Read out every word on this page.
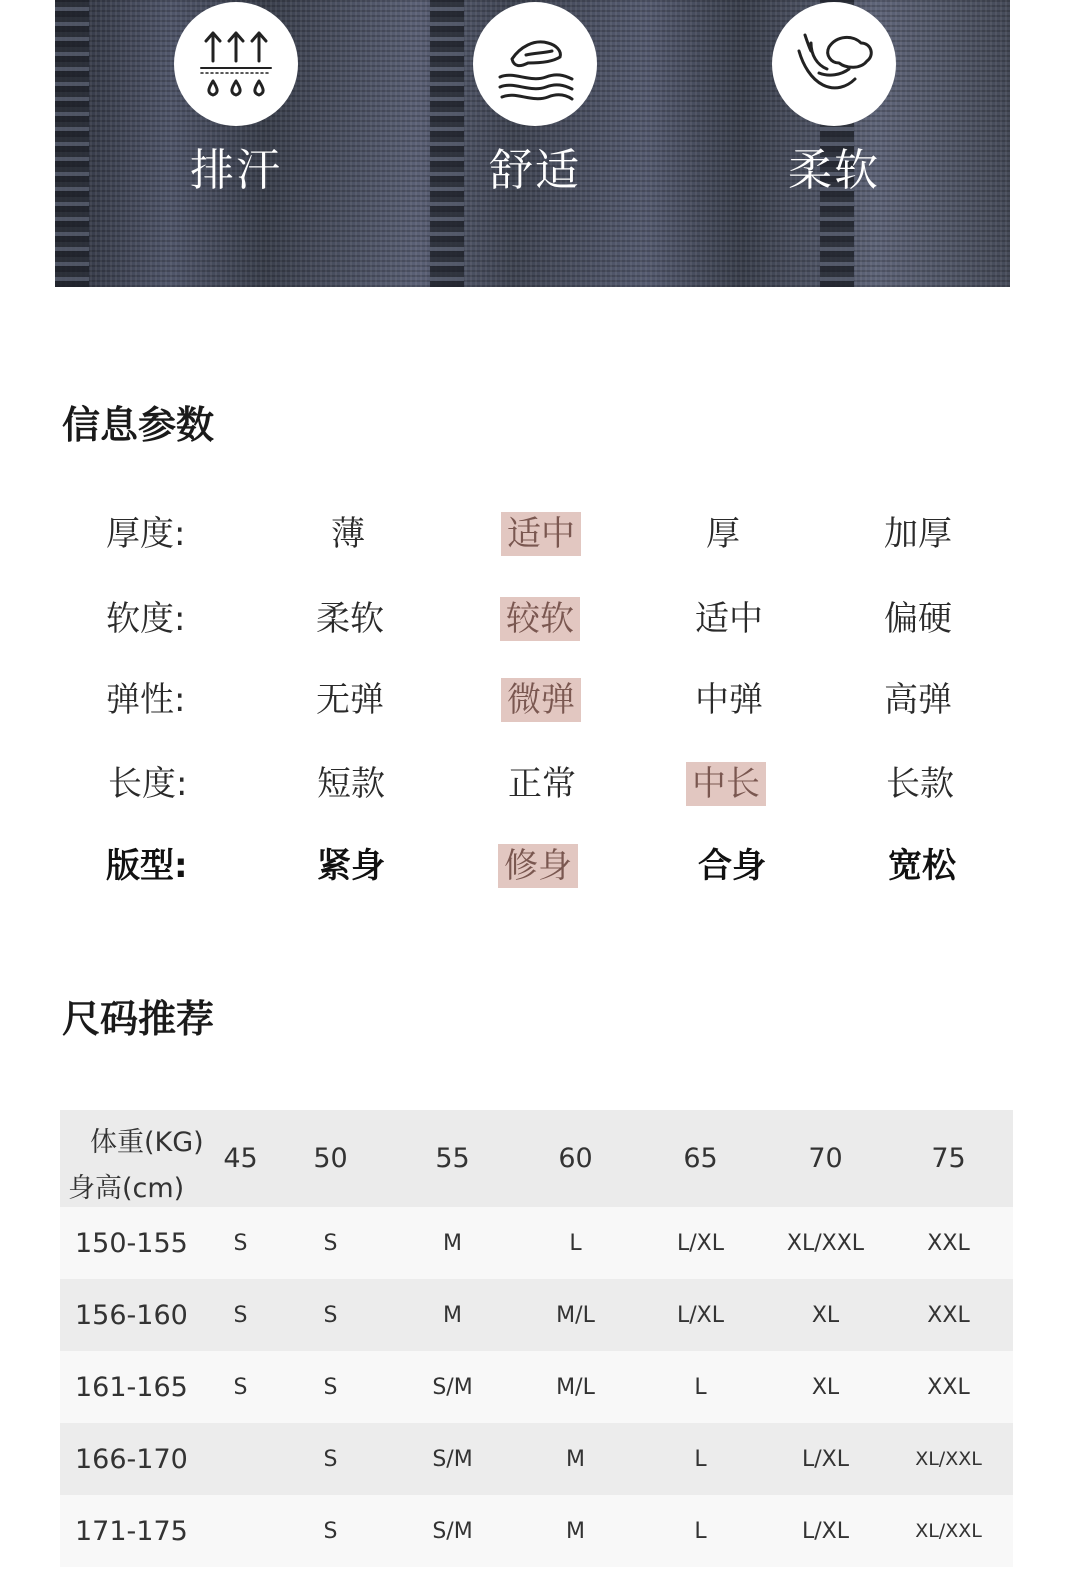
排汗	舒适	柔软
信息参数
厚度:	薄	适中	厚	加厚
软度:	柔软	较软	适中	偏硬
弹性:	无弹	微弹	中弹	高弹
长度:	短款	正常	中长	长款
版型:	紧身	修身	合身	宽松
尺码推荐
体重(KG)
身高(cm)	45	50	55	60	65	70	75
150-155	S	S	M	L	L/XL	XL/XXL	XXL
156-160	S	S	M	M/L	L/XL	XL	XXL
161-165	S	S	S/M	M/L	L	XL	XXL
166-170		S	S/M	M	L	L/XL	XL/XXL
171-175		S	S/M	M	L	L/XL	XL/XXL
